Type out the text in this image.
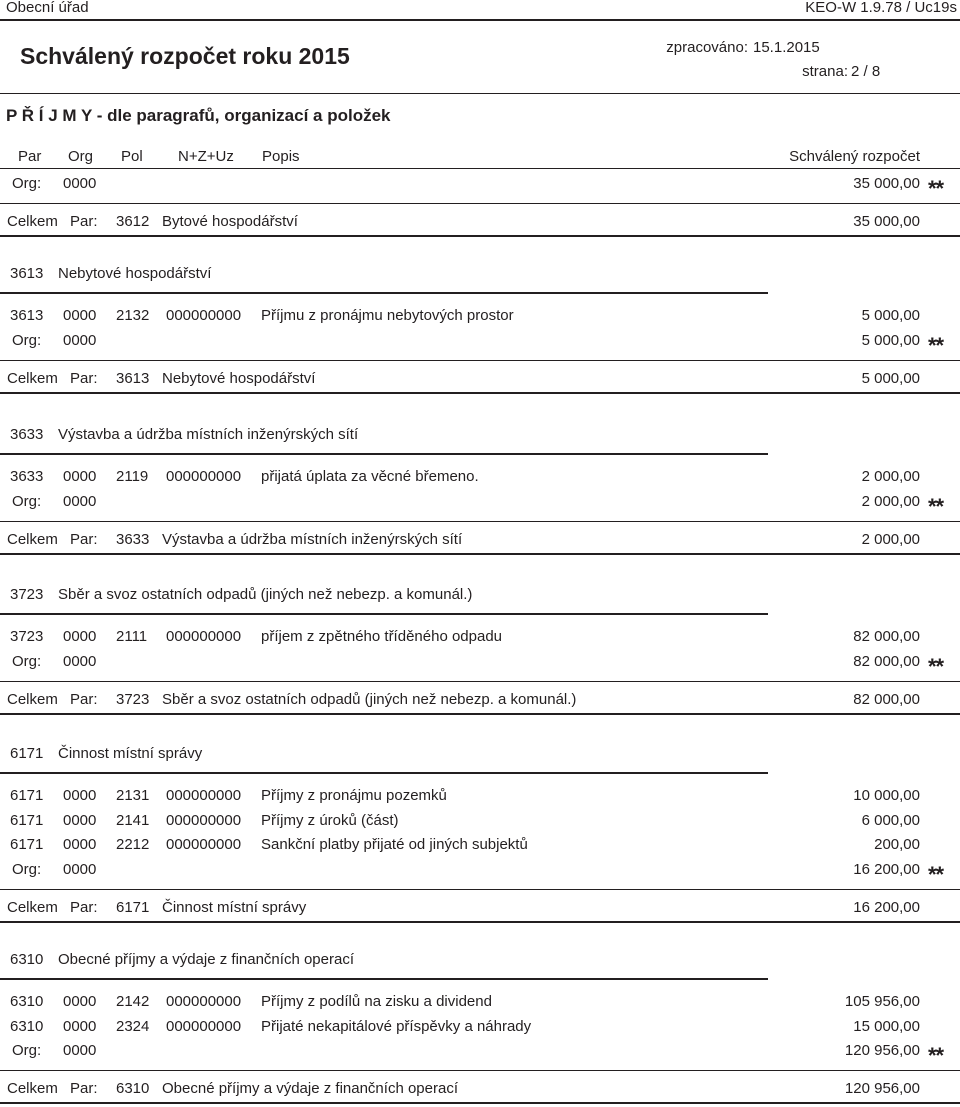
Obecní úřad	KEO-W 1.9.78 / Uc19s
Schválený rozpočet roku 2015	zpracováno: 15.1.2015
strana: 2 / 8
P Ř Í J M Y - dle paragrafů, organizací a položek
Par Org Pol N+Z+Uz Popis	Schválený rozpočet
Org: 0000	35 000,00 **
Celkem Par: 3612 Bytové hospodářství	35 000,00
3613 Nebytové hospodářství
3613 0000 2132 000000000 Příjmu z pronájmu nebytových prostor	5 000,00
Org: 0000	5 000,00 **
Celkem Par: 3613 Nebytové hospodářství	5 000,00
3633 Výstavba a údržba místních inženýrských sítí
3633 0000 2119 000000000 přijatá úplata za věcné břemeno.	2 000,00
Org: 0000	2 000,00 **
Celkem Par: 3633 Výstavba a údržba místních inženýrských sítí	2 000,00
3723 Sběr a svoz ostatních odpadů (jiných než nebezp. a komunál.)
3723 0000 2111 000000000 příjem z zpětného tříděného odpadu	82 000,00
Org: 0000	82 000,00 **
Celkem Par: 3723 Sběr a svoz ostatních odpadů (jiných než nebezp. a komunál.)	82 000,00
6171 Činnost místní správy
6171 0000 2131 000000000 Příjmy z pronájmu pozemků	10 000,00
6171 0000 2141 000000000 Příjmy z úroků (část)	6 000,00
6171 0000 2212 000000000 Sankční platby přijaté od jiných subjektů	200,00
Org: 0000	16 200,00 **
Celkem Par: 6171 Činnost místní správy	16 200,00
6310 Obecné příjmy a výdaje z finančních operací
6310 0000 2142 000000000 Příjmy z podílů na zisku a dividend	105 956,00
6310 0000 2324 000000000 Přijaté nekapitálové příspěvky a náhrady	15 000,00
Org: 0000	120 956,00 **
Celkem Par: 6310 Obecné příjmy a výdaje z finančních operací	120 956,00
